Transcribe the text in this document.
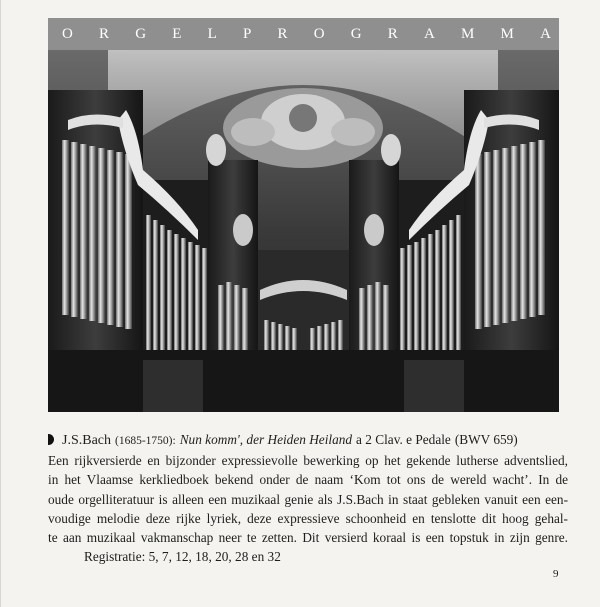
O R G E L P R O G R A M M A
J.S.Bach (1685-1750): Nun komm', der Heiden Heiland a 2 Clav. e Pedale (BWV 659)

Een rijkversierde en bijzonder expressievolle bewerking op het gekende lutherse adventslied,
in het Vlaamse kerkliedboek bekend onder de naam ‘Kom tot ons de wereld wacht’. In de
oude orgelliteratuur is alleen een muzikaal genie als J.S.Bach in staat gebleken vanuit een een-
voudige melodie deze rijke lyriek, deze expressieve schoonheid en tenslotte dit hoog gehal-
te aan muzikaal vakmanschap neer te zetten. Dit versierd koraal is een topstuk in zijn genre.

Registratie: 5, 7, 12, 18, 20, 28 en 32
9
